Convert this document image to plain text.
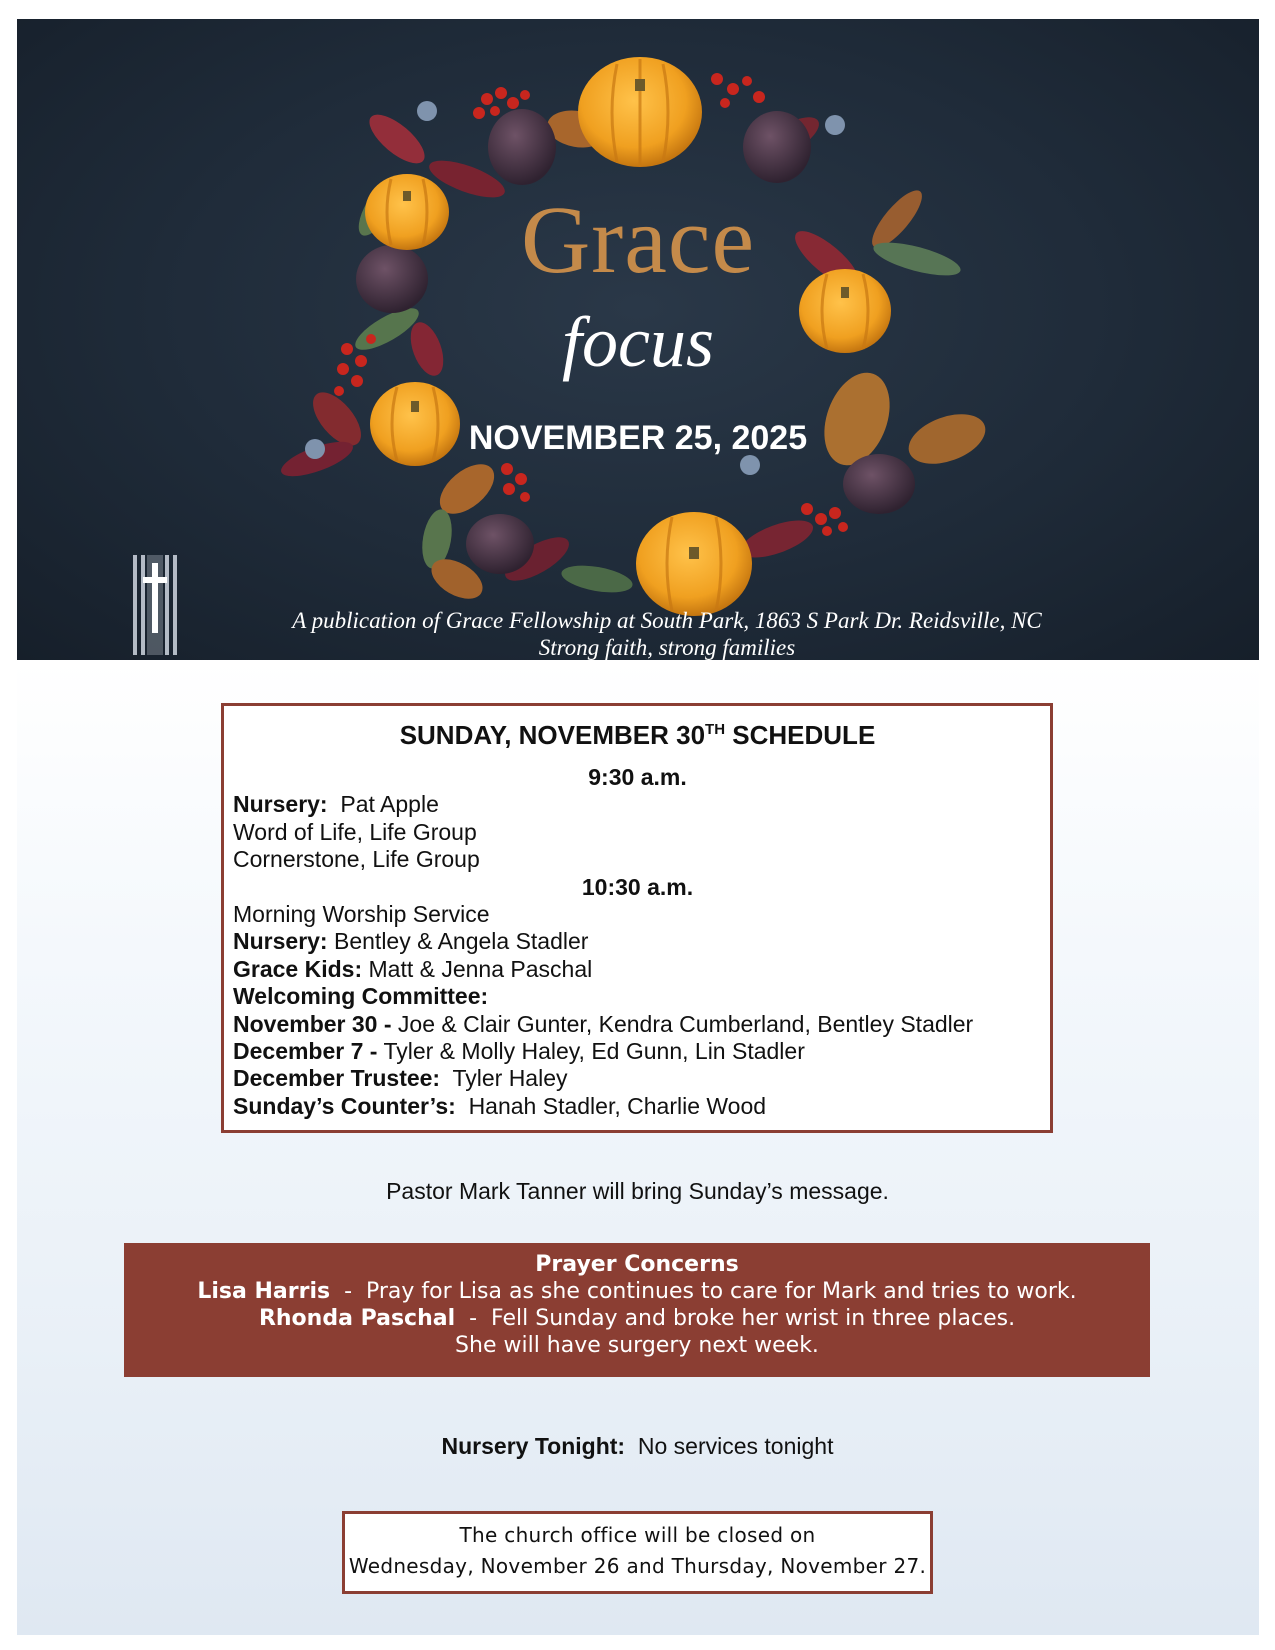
Grace
focus
NOVEMBER 25, 2025
A publication of Grace Fellowship at South Park, 1863 S Park Dr. Reidsville, NC
Strong faith, strong families
SUNDAY, NOVEMBER 30TH SCHEDULE
9:30 a.m.
Nursery:  Pat Apple
Word of Life, Life Group
Cornerstone, Life Group
10:30 a.m.
Morning Worship Service
Nursery: Bentley & Angela Stadler
Grace Kids: Matt & Jenna Paschal
Welcoming Committee:
November 30 - Joe & Clair Gunter, Kendra Cumberland, Bentley Stadler
December 7 - Tyler & Molly Haley, Ed Gunn, Lin Stadler
December Trustee:  Tyler Haley
Sunday’s Counter’s:  Hanah Stadler, Charlie Wood
Pastor Mark Tanner will bring Sunday’s message.
Prayer Concerns
Lisa Harris  -  Pray for Lisa as she continues to care for Mark and tries to work.
Rhonda Paschal  -  Fell Sunday and broke her wrist in three places.
She will have surgery next week.
Nursery Tonight:  No services tonight
The church office will be closed on
Wednesday, November 26 and Thursday, November 27.
